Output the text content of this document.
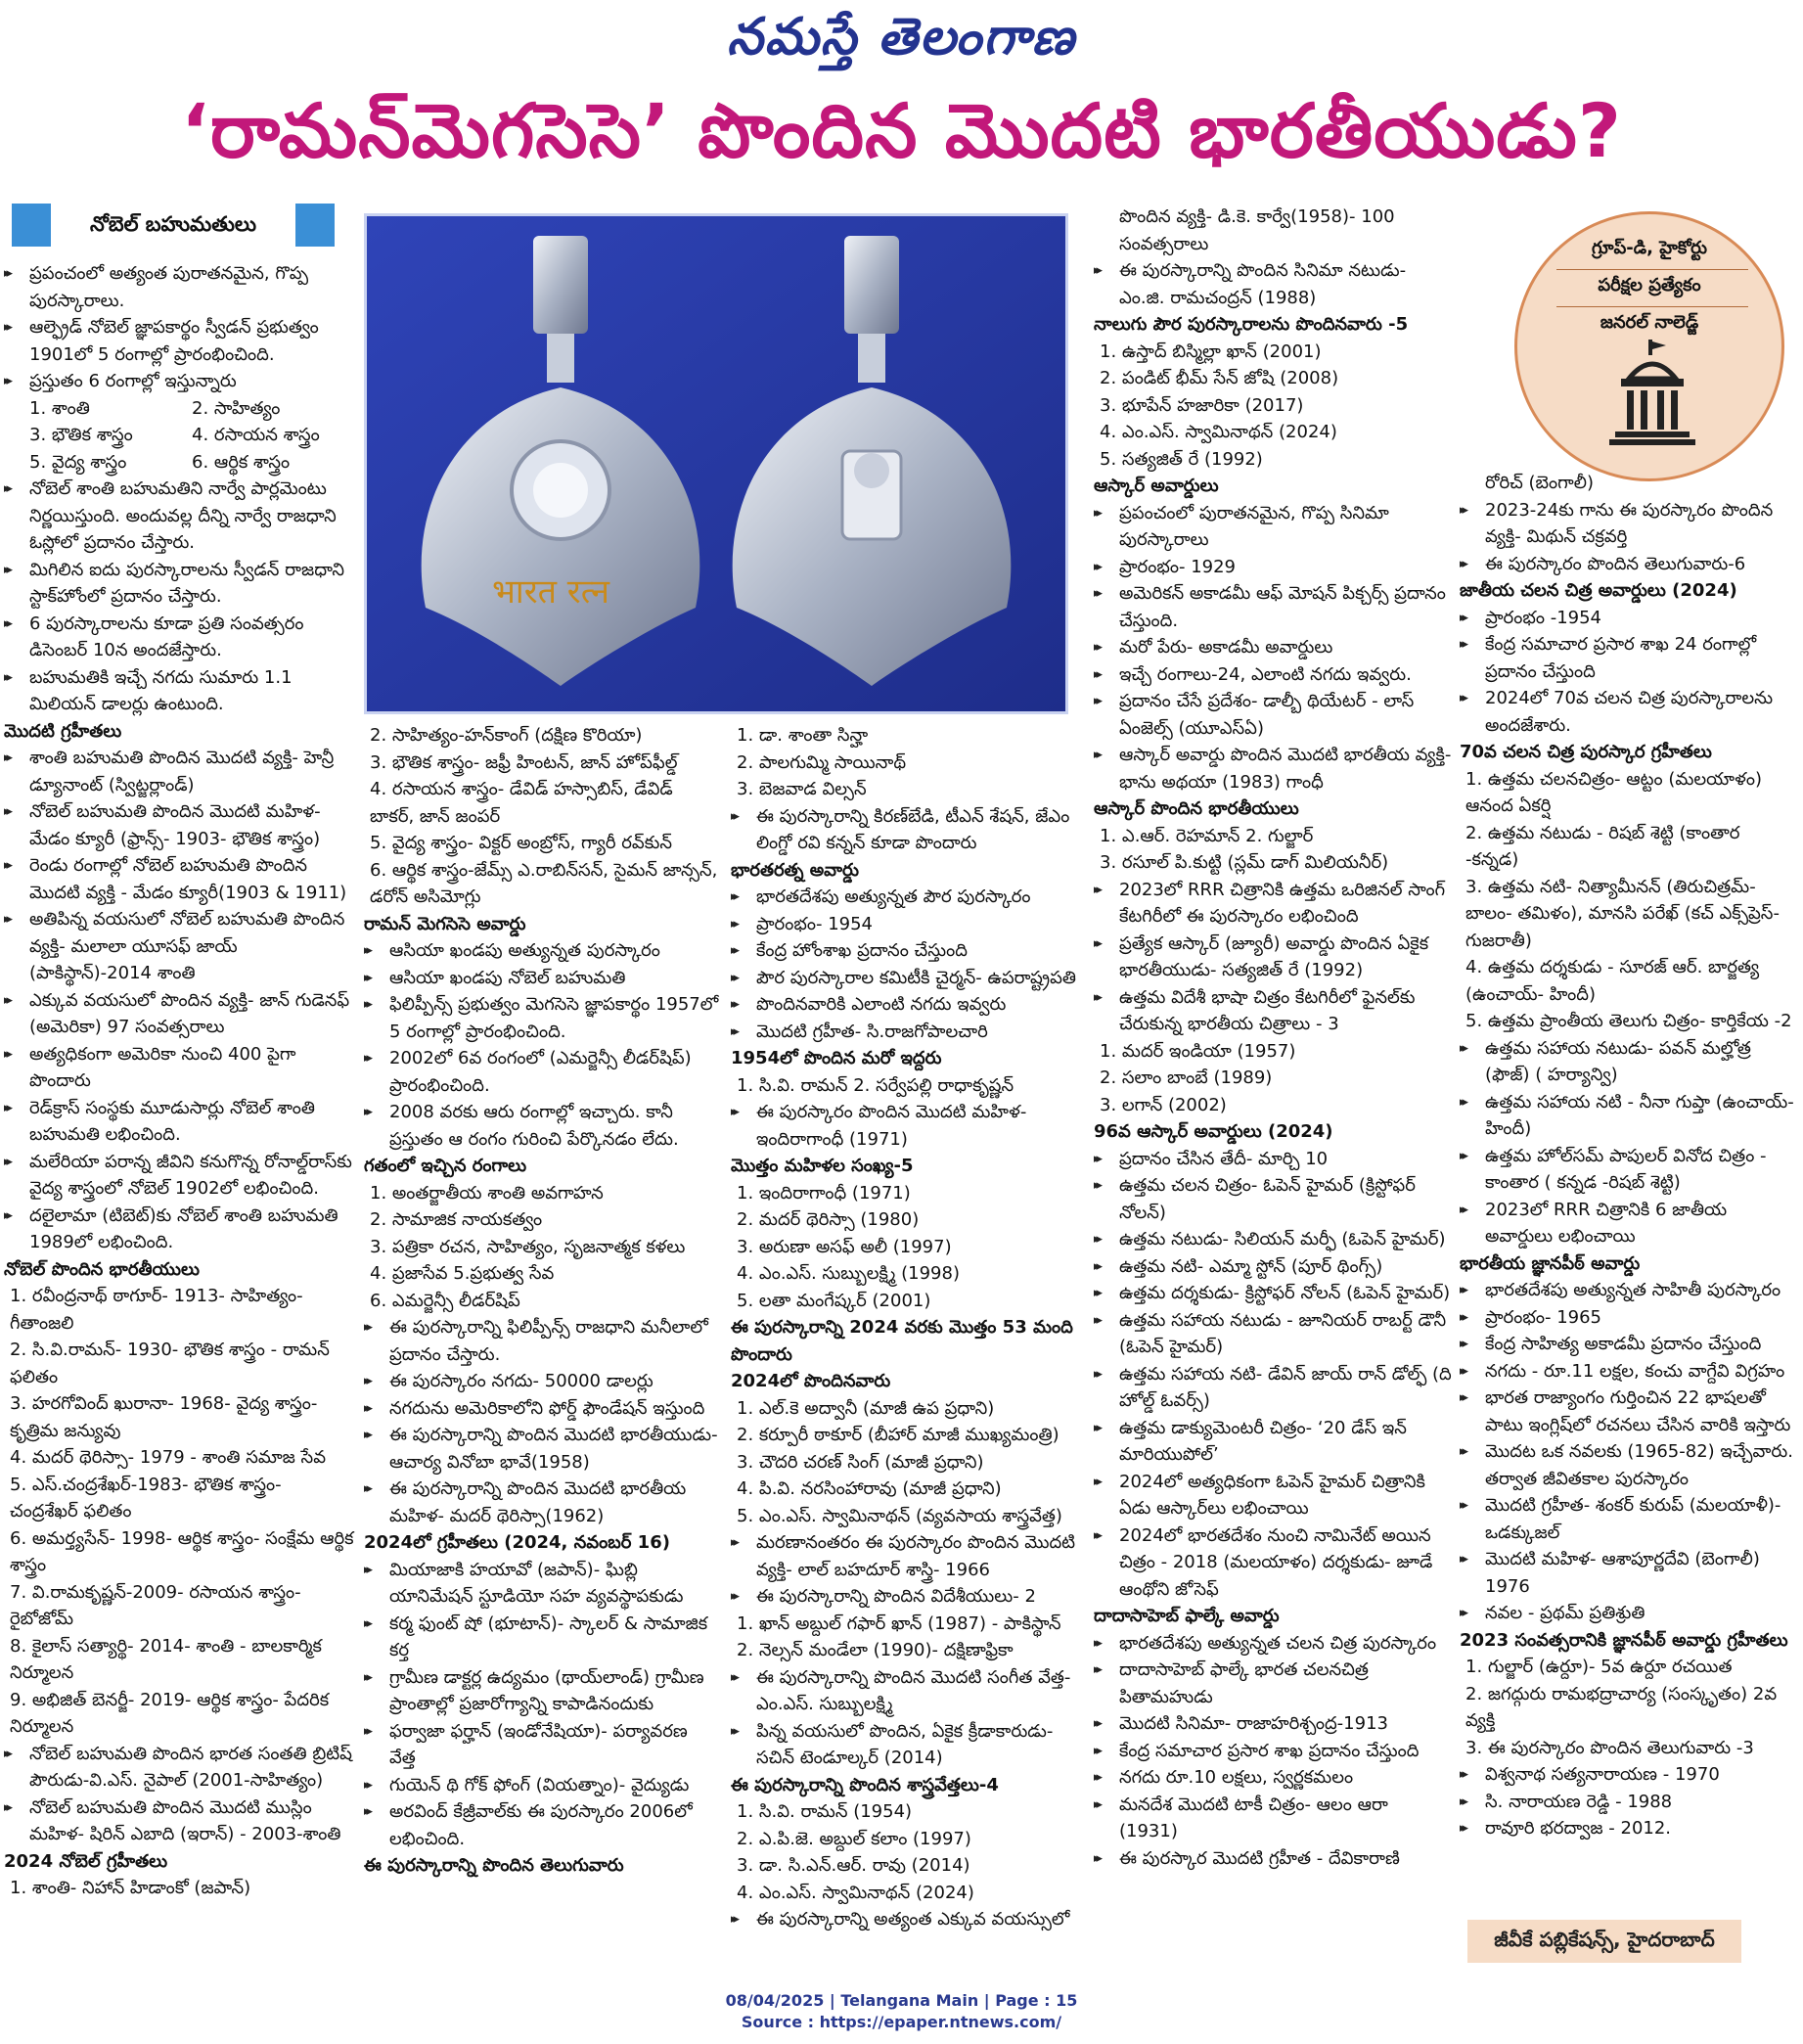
నమస్తే తెలంగాణ
‘రామన్‌మెగసెసె’ పొందిన మొదటి భారతీయుడు?
నోబెల్‌ బహుమతులు
▸▸ ప్రపంచంలో అత్యంత పురాతనమైన, గొప్ప పురస్కారాలు.
▸▸ ఆల్ఫ్రెడ్‌ నోబెల్‌ జ్ఞాపకార్థం స్వీడన్‌ ప్రభుత్వం 1901లో 5 రంగాల్లో ప్రారంభించింది.
▸▸ ప్రస్తుతం 6 రంగాల్లో ఇస్తున్నారు
1. శాంతి	2. సాహిత్యం
3. భౌతిక శాస్త్రం	4. రసాయన శాస్త్రం
5. వైద్య శాస్త్రం	6. ఆర్థిక శాస్త్రం
▸▸ నోబెల్‌ శాంతి బహుమతిని నార్వే పార్లమెంటు నిర్ణయిస్తుంది. అందువల్ల దీన్ని నార్వే రాజధాని ఓస్లోలో ప్రదానం చేస్తారు.
▸▸ మిగిలిన ఐదు పురస్కారాలను స్వీడన్‌ రాజధాని స్టాక్‌హోంలో ప్రదానం చేస్తారు.
▸▸ 6 పురస్కారాలను కూడా ప్రతి సంవత్సరం డిసెంబర్‌ 10న అందజేస్తారు.
▸▸ బహుమతికి ఇచ్చే నగదు సుమారు 1.1 మిలియన్‌ డాలర్లు ఉంటుంది.
మొదటి గ్రహీతలు
▸▸ శాంతి బహుమతి పొందిన మొదటి వ్యక్తి- హెన్రీ డ్యూనాంట్‌ (స్విట్జర్లాండ్‌)
▸▸ నోబెల్‌ బహుమతి పొందిన మొదటి మహిళ- మేడం క్యూరీ (ఫ్రాన్స్‌- 1903- భౌతిక శాస్త్రం)
▸▸ రెండు రంగాల్లో నోబెల్‌ బహుమతి పొందిన మొదటి వ్యక్తి - మేడం క్యూరీ(1903 & 1911)
▸▸ అతిపిన్న వయసులో నోబెల్‌ బహుమతి పొందిన వ్యక్తి- మలాలా యూసఫ్‌ జాయ్‌ (పాకిస్థాన్‌)-2014 శాంతి
▸▸ ఎక్కువ వయసులో పొందిన వ్యక్తి- జాన్‌ గుడెనఫ్‌ (అమెరికా) 97 సంవత్సరాలు
▸▸ అత్యధికంగా అమెరికా నుంచి 400 పైగా పొందారు
▸▸ రెడ్‌క్రాస్‌ సంస్థకు మూడుసార్లు నోబెల్‌ శాంతి బహుమతి లభించింది.
▸▸ మలేరియా పరాన్న జీవిని కనుగొన్న రోనాల్డ్‌రాస్‌కు వైద్య శాస్త్రంలో నోబెల్‌ 1902లో లభించింది.
▸▸ దలైలామా (టిబెట్‌)కు నోబెల్‌ శాంతి బహుమతి 1989లో లభించింది.
నోబెల్‌ పొందిన భారతీయులు
1. రవీంద్రనాథ్‌ ఠాగూర్‌- 1913- సాహిత్యం- గీతాంజలి
2. సి.వి.రామన్‌- 1930- భౌతిక శాస్త్రం - రామన్‌ ఫలితం
3. హరగోవింద్‌ ఖురానా- 1968- వైద్య శాస్త్రం- కృత్రిమ జన్యువు
4. మదర్‌ థెరిస్సా- 1979 - శాంతి సమాజ సేవ
5. ఎస్‌.చంద్రశేఖర్‌-1983- భౌతిక శాస్త్రం- చంద్రశేఖర్‌ ఫలితం
6. అమర్త్యసేన్‌- 1998- ఆర్థిక శాస్త్రం- సంక్షేమ ఆర్థిక శాస్త్రం
7. వి.రామకృష్ణన్‌-2009- రసాయన శాస్త్రం- రైబోజోమ్‌
8. కైలాస్‌ సత్యార్థి- 2014- శాంతి - బాలకార్మిక నిర్మూలన
9. అభిజిత్‌ బెనర్జీ- 2019- ఆర్థిక శాస్త్రం- పేదరిక నిర్మూలన
▸▸ నోబెల్‌ బహుమతి పొందిన భారత సంతతి బ్రిటిష్‌ పౌరుడు-వి.ఎస్‌. నైపాల్‌ (2001-సాహిత్యం)
▸▸ నోబెల్‌ బహుమతి పొందిన మొదటి ముస్లిం మహిళ- షిరిన్‌ ఎబాది (ఇరాన్‌) - 2003-శాంతి
2024 నోబెల్‌ గ్రహీతలు
1. శాంతి- నిహాన్‌ హిడాంకో (జపాన్‌)
भारत रत्न
2. సాహిత్యం-హన్‌కాంగ్‌ (దక్షిణ కొరియా)
3. భౌతిక శాస్త్రం- జఫ్రీ హింటన్‌, జాన్‌ హోప్‌ఫీల్డ్‌
4. రసాయన శాస్త్రం- డేవిడ్‌ హస్సాబిస్‌, డేవిడ్‌ బాకర్‌, జాన్‌ జంపర్‌
5. వైద్య శాస్త్రం- విక్టర్‌ అంబ్రోస్‌, గ్యారీ రవ్‌కున్‌
6. ఆర్థిక శాస్త్రం-జేమ్స్‌ ఎ.రాబిన్‌సన్‌, సైమన్‌ జాన్సన్‌, డరోన్‌ అసిమోగ్లు
రామన్‌ మెగసెసె అవార్డు
▸▸ ఆసియా ఖండపు అత్యున్నత పురస్కారం
▸▸ ఆసియా ఖండపు నోబెల్‌ బహుమతి
▸▸ ఫిలిప్పీన్స్‌ ప్రభుత్వం మెగసెసె జ్ఞాపకార్థం 1957లో 5 రంగాల్లో ప్రారంభించింది.
▸▸ 2002లో 6వ రంగంలో (ఎమర్జెన్సీ లీడర్‌షిప్‌) ప్రారంభించింది.
▸▸ 2008 వరకు ఆరు రంగాల్లో ఇచ్చారు. కానీ ప్రస్తుతం ఆ రంగం గురించి పేర్కొనడం లేదు.
గతంలో ఇచ్చిన రంగాలు
1. అంతర్జాతీయ శాంతి అవగాహన
2. సామాజిక నాయకత్వం
3. పత్రికా రచన, సాహిత్యం, సృజనాత్మక కళలు
4. ప్రజాసేవ 5.ప్రభుత్వ సేవ
6. ఎమర్జెన్సీ లీడర్‌షిప్‌
▸▸ ఈ పురస్కారాన్ని ఫిలిప్పీన్స్‌ రాజధాని మనీలాలో ప్రదానం చేస్తారు.
▸▸ ఈ పురస్కారం నగదు- 50000 డాలర్లు
▸▸ నగదును అమెరికాలోని ఫోర్డ్‌ ఫౌండేషన్‌ ఇస్తుంది
▸▸ ఈ పురస్కారాన్ని పొందిన మొదటి భారతీయుడు- ఆచార్య వినోబా భావే(1958)
▸▸ ఈ పురస్కారాన్ని పొందిన మొదటి భారతీయ మహిళ- మదర్‌ థెరిస్సా(1962)
2024లో గ్రహీతలు (2024, నవంబర్‌ 16)
▸▸ మియాజాకి హయావో (జపాన్‌)- ఘిబ్లి యానిమేషన్‌ స్టూడియో సహ వ్యవస్థాపకుడు
▸▸ కర్మ ఫుంట్‌ షో (భూటాన్‌)- స్కాలర్‌ & సామాజిక కర్త
▸▸ గ్రామీణ డాక్టర్ల ఉద్యమం (థాయ్‌లాండ్‌) గ్రామీణ ప్రాంతాల్లో ప్రజారోగ్యాన్ని కాపాడినందుకు
▸▸ ఫర్వాజా ఫర్హాన్‌ (ఇండోనేషియా)- పర్యావరణ వేత్త
▸▸ గుయెన్‌ థి గోక్‌ ఫోంగ్‌ (వియత్నాం)- వైద్యుడు
▸▸ అరవింద్‌ కేజ్రీవాల్‌కు ఈ పురస్కారం 2006లో లభించింది.
ఈ పురస్కారాన్ని పొందిన తెలుగువారు
1. డా. శాంతా సిన్హా
2. పాలగుమ్మి సాయినాథ్‌
3. బెజవాడ విల్సన్‌
▸▸ ఈ పురస్కారాన్ని కిరణ్‌బేడి, టీఎన్‌ శేషన్‌, జేఎం లింగ్డో రవి కన్నన్‌ కూడా పొందారు
భారతరత్న అవార్డు
▸▸ భారతదేశపు అత్యున్నత పౌర పురస్కారం
▸▸ ప్రారంభం- 1954
▸▸ కేంద్ర హోంశాఖ ప్రదానం చేస్తుంది
▸▸ పౌర పురస్కారాల కమిటీకి చైర్మన్‌- ఉపరాష్ట్రపతి
▸▸ పొందినవారికి ఎలాంటి నగదు ఇవ్వరు
▸▸ మొదటి గ్రహీత- సి.రాజగోపాలచారి
1954లో పొందిన మరో ఇద్దరు
1. సి.వి. రామన్‌ 2. సర్వేపల్లి రాధాకృష్ణన్‌
▸▸ ఈ పురస్కారం పొందిన మొదటి మహిళ- ఇందిరాగాంధీ (1971)
మొత్తం మహిళల సంఖ్య-5
1. ఇందిరాగాంధీ (1971)
2. మదర్‌ థెరిస్సా (1980)
3. అరుణా అసఫ్‌ అలీ (1997)
4. ఎం.ఎస్‌. సుబ్బులక్ష్మి (1998)
5. లతా మంగేష్కర్‌ (2001)
ఈ పురస్కారాన్ని 2024 వరకు మొత్తం 53 మంది పొందారు
2024లో పొందినవారు
1. ఎల్‌.కె అద్వానీ (మాజీ ఉప ప్రధాని)
2. కర్పూరీ ఠాకూర్‌ (బీహార్‌ మాజీ ముఖ్యమంత్రి)
3. చౌదరి చరణ్‌ సింగ్‌ (మాజీ ప్రధాని)
4. పి.వి. నరసింహారావు (మాజీ ప్రధాని)
5. ఎం.ఎస్‌. స్వామినాథన్‌ (వ్యవసాయ శాస్త్రవేత్త)
▸▸ మరణానంతరం ఈ పురస్కారం పొందిన మొదటి వ్యక్తి- లాల్‌ బహదూర్‌ శాస్త్రి- 1966
▸▸ ఈ పురస్కారాన్ని పొందిన విదేశీయులు- 2
1. ఖాన్‌ అబ్దుల్‌ గఫార్‌ ఖాన్‌ (1987) - పాకిస్థాన్‌
2. నెల్సన్‌ మండేలా (1990)- దక్షిణాఫ్రికా
▸▸ ఈ పురస్కారాన్ని పొందిన మొదటి సంగీత వేత్త- ఎం.ఎస్‌. సుబ్బులక్ష్మి
▸▸ పిన్న వయసులో పొందిన, ఏకైక క్రీడాకారుడు- సచిన్‌ టెండూల్కర్‌ (2014)
ఈ పురస్కారాన్ని పొందిన శాస్త్రవేత్తలు-4
1. సి.వి. రామన్‌ (1954)
2. ఎ.పి.జె. అబ్దుల్‌ కలాం (1997)
3. డా. సి.ఎన్‌.ఆర్‌. రావు (2014)
4. ఎం.ఎస్‌. స్వామినాథన్‌ (2024)
▸▸ ఈ పురస్కారాన్ని అత్యంత ఎక్కువ వయస్సులో
పొందిన వ్యక్తి- డి.కె. కార్వే(1958)- 100 సంవత్సరాలు
▸▸ ఈ పురస్కారాన్ని పొందిన సినిమా నటుడు- ఎం.జి. రామచంద్రన్‌ (1988)
నాలుగు పౌర పురస్కారాలను పొందినవారు -5
1. ఉస్తాద్‌ బిస్మిల్లా ఖాన్‌ (2001)
2. పండిట్‌ భీమ్‌ సేన్‌ జోషి (2008)
3. భూపేన్‌ హజారికా (2017)
4. ఎం.ఎస్‌. స్వామినాథన్‌ (2024)
5. సత్యజిత్‌ రే (1992)
ఆస్కార్‌ అవార్డులు
▸▸ ప్రపంచంలో పురాతనమైన, గొప్ప సినిమా పురస్కారాలు
▸▸ ప్రారంభం- 1929
▸▸ అమెరికన్‌ అకాడమీ ఆఫ్‌ మోషన్‌ పిక్చర్స్‌ ప్రదానం చేస్తుంది.
▸▸ మరో పేరు- అకాడమీ అవార్డులు
▸▸ ఇచ్చే రంగాలు-24, ఎలాంటి నగదు ఇవ్వరు.
▸▸ ప్రదానం చేసే ప్రదేశం- డాల్బీ థియేటర్‌ - లాస్‌ ఏంజెల్స్‌ (యూఎస్‌ఏ)
▸▸ ఆస్కార్‌ అవార్డు పొందిన మొదటి భారతీయ వ్యక్తి- భాను అథయా (1983) గాంధీ
ఆస్కార్‌ పొందిన భారతీయులు
1. ఎ.ఆర్‌. రెహమాన్‌ 2. గుల్జార్‌
3. రసూల్‌ పి.కుట్టి (స్లమ్‌ డాగ్‌ మిలియనీర్‌)
▸▸ 2023లో RRR చిత్రానికి ఉత్తమ ఒరిజినల్‌ సాంగ్‌ కేటగిరీలో ఈ పురస్కారం లభించింది
▸▸ ప్రత్యేక ఆస్కార్‌ (జ్యూరీ) అవార్డు పొందిన ఏకైక భారతీయుడు- సత్యజిత్‌ రే (1992)
▸▸ ఉత్తమ విదేశీ భాషా చిత్రం కేటగిరీలో ఫైనల్‌కు చేరుకున్న భారతీయ చిత్రాలు - 3
1. మదర్‌ ఇండియా (1957)
2. సలాం బాంబే (1989)
3. లగాన్‌ (2002)
96వ ఆస్కార్‌ అవార్డులు (2024)
▸▸ ప్రదానం చేసిన తేదీ- మార్చి 10
▸▸ ఉత్తమ చలన చిత్రం- ఓపెన్‌ హైమర్‌ (క్రిస్టోఫర్‌ నోలన్‌)
▸▸ ఉత్తమ నటుడు- సిలియన్‌ మర్ఫీ (ఓపెన్‌ హైమర్‌)
▸▸ ఉత్తమ నటి- ఎమ్మా స్టోన్‌ (పూర్‌ థింగ్స్‌)
▸▸ ఉత్తమ దర్శకుడు- క్రిస్టోఫర్‌ నోలన్‌ (ఓపెన్‌ హైమర్‌)
▸▸ ఉత్తమ సహాయ నటుడు - జూనియర్‌ రాబర్ట్‌ డౌనీ (ఓపెన్‌ హైమర్‌)
▸▸ ఉత్తమ సహాయ నటి- డేవిన్‌ జాయ్‌ రాన్‌ డోల్ఫ్‌ (ది హోల్డ్‌ ఓవర్స్‌)
▸▸ ఉత్తమ డాక్యుమెంటరీ చిత్రం- ‘20 డేస్‌ ఇన్‌ మారియుపోల్‌’
▸▸ 2024లో అత్యధికంగా ఓపెన్‌ హైమర్‌ చిత్రానికి ఏడు ఆస్కార్‌లు లభించాయి
▸▸ 2024లో భారతదేశం నుంచి నామినేట్‌ అయిన చిత్రం - 2018 (మలయాళం) దర్శకుడు- జూడే ఆంథోని జోసెఫ్‌
దాదాసాహెబ్‌ ఫాల్కే అవార్డు
▸▸ భారతదేశపు అత్యున్నత చలన చిత్ర పురస్కారం
▸▸ దాదాసాహెబ్‌ ఫాల్కే భారత చలనచిత్ర పితామహుడు
▸▸ మొదటి సినిమా- రాజాహరిశ్చంద్ర-1913
▸▸ కేంద్ర సమాచార ప్రసార శాఖ ప్రదానం చేస్తుంది
▸▸ నగదు రూ.10 లక్షలు, స్వర్ణకమలం
▸▸ మనదేశ మొదటి టాకీ చిత్రం- ఆలం ఆరా (1931)
▸▸ ఈ పురస్కార మొదటి గ్రహీత - దేవికారాణి
గ్రూప్‌-డి, హైకోర్టు
పరీక్షల ప్రత్యేకం
జనరల్‌ నాలెడ్జ్‌
రోరిచ్‌ (బెంగాలీ)
▸▸ 2023-24కు గాను ఈ పురస్కారం పొందిన వ్యక్తి- మిథున్‌ చక్రవర్తి
▸▸ ఈ పురస్కారం పొందిన తెలుగువారు-6
జాతీయ చలన చిత్ర అవార్డులు (2024)
▸▸ ప్రారంభం -1954
▸▸ కేంద్ర సమాచార ప్రసార శాఖ 24 రంగాల్లో ప్రదానం చేస్తుంది
▸▸ 2024లో 70వ చలన చిత్ర పురస్కారాలను అందజేశారు.
70వ చలన చిత్ర పురస్కార గ్రహీతలు
1. ఉత్తమ చలనచిత్రం- ఆట్టం (మలయాళం) ఆనంద ఏకర్షి
2. ఉత్తమ నటుడు - రిషబ్‌ శెట్టి (కాంతార -కన్నడ)
3. ఉత్తమ నటి- నిత్యామీనన్‌ (తిరుచిత్రమ్‌-బాలం- తమిళం), మానసి పరేఖ్‌ (కచ్‌ ఎక్స్‌ప్రెస్‌- గుజరాతీ)
4. ఉత్తమ దర్శకుడు - సూరజ్‌ ఆర్‌. బార్జత్య (ఉంచాయ్‌- హిందీ)
5. ఉత్తమ ప్రాంతీయ తెలుగు చిత్రం- కార్తికేయ -2
▸▸ ఉత్తమ సహాయ నటుడు- పవన్‌ మల్హోత్ర (ఫౌజ్‌) ( హర్యాన్వి)
▸▸ ఉత్తమ సహాయ నటి - నీనా గుప్తా (ఉంచాయ్‌-హిందీ)
▸▸ ఉత్తమ హోల్‌సమ్‌ పాపులర్‌ వినోద చిత్రం - కాంతార ( కన్నడ -రిషబ్‌ శెట్టి)
▸▸ 2023లో RRR చిత్రానికి 6 జాతీయ అవార్డులు లభించాయి
భారతీయ జ్ఞానపీఠ్‌ అవార్డు
▸▸ భారతదేశపు అత్యున్నత సాహితీ పురస్కారం
▸▸ ప్రారంభం- 1965
▸▸ కేంద్ర సాహిత్య అకాడమీ ప్రదానం చేస్తుంది
▸▸ నగదు - రూ.11 లక్షల, కంచు వాగ్దేవి విగ్రహం
▸▸ భారత రాజ్యాంగం గుర్తించిన 22 భాషలతో పాటు ఇంగ్లిష్‌లో రచనలు చేసిన వారికి ఇస్తారు
▸▸ మొదట ఒక నవలకు (1965-82) ఇచ్చేవారు. తర్వాత జీవితకాల పురస్కారం
▸▸ మొదటి గ్రహీత- శంకర్‌ కురుప్‌ (మలయాళీ)- ఒడక్కుజల్‌
▸▸ మొదటి మహిళ- ఆశాపూర్ణదేవి (బెంగాలీ) 1976
▸▸ నవల - ప్రథమ్‌ ప్రతిశ్రుతి
2023 సంవత్సరానికి జ్ఞానపీఠ్‌ అవార్డు గ్రహీతలు
1. గుల్జార్‌ (ఉర్దూ)- 5వ ఉర్దూ రచయిత
2. జగద్గురు రామభద్రాచార్య (సంస్కృతం) 2వ వ్యక్తి
3. ఈ పురస్కారం పొందిన తెలుగువారు -3
▸▸ విశ్వనాథ సత్యనారాయణ - 1970
▸▸ సి. నారాయణ రెడ్డి - 1988
▸▸ రావూరి భరద్వాజ - 2012.
జీవీకే పబ్లికేషన్స్‌, హైదరాబాద్‌
08/04/2025 | Telangana Main | Page : 15
Source : https://epaper.ntnews.com/
